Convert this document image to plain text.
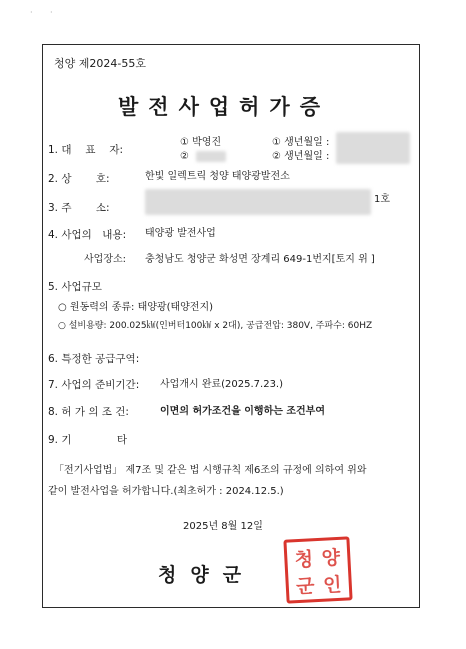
· ·
청양 제2024-55호
발전사업허가증
1. 대　 표　 자:
① 박영진
②
① 생년월일 :
② 생년월일 :
2. 상　　 호:	한빛 일렉트릭 청양 태양광발전소
3. 주　　 소:
1호
4. 사업의　내용: 태양광 발전사업
사업장소: 충청남도 청양군 화성면 장계리 649-1번지[토지 위 ]
5. 사업규모
○ 원동력의 종류: 태양광(태양전지)
○ 설비용량: 200.025㎾(인버터100㎾ x 2대), 공급전압: 380V, 주파수: 60HZ
6. 특정한 공급구역:
7. 사업의 준비기간: 사업개시 완료(2025.7.23.)
8. 허 가 의 조 건:	이면의 허가조건을 이행하는 조건부여
9. 기　　　　 타
「전기사업법」 제7조 및 같은 법 시행규칙 제6조의 규정에 의하여 위와
같이 발전사업을 허가합니다.(최초허가 : 2024.12.5.)
2025년 8월 12일
청양군
청 양
군 인
